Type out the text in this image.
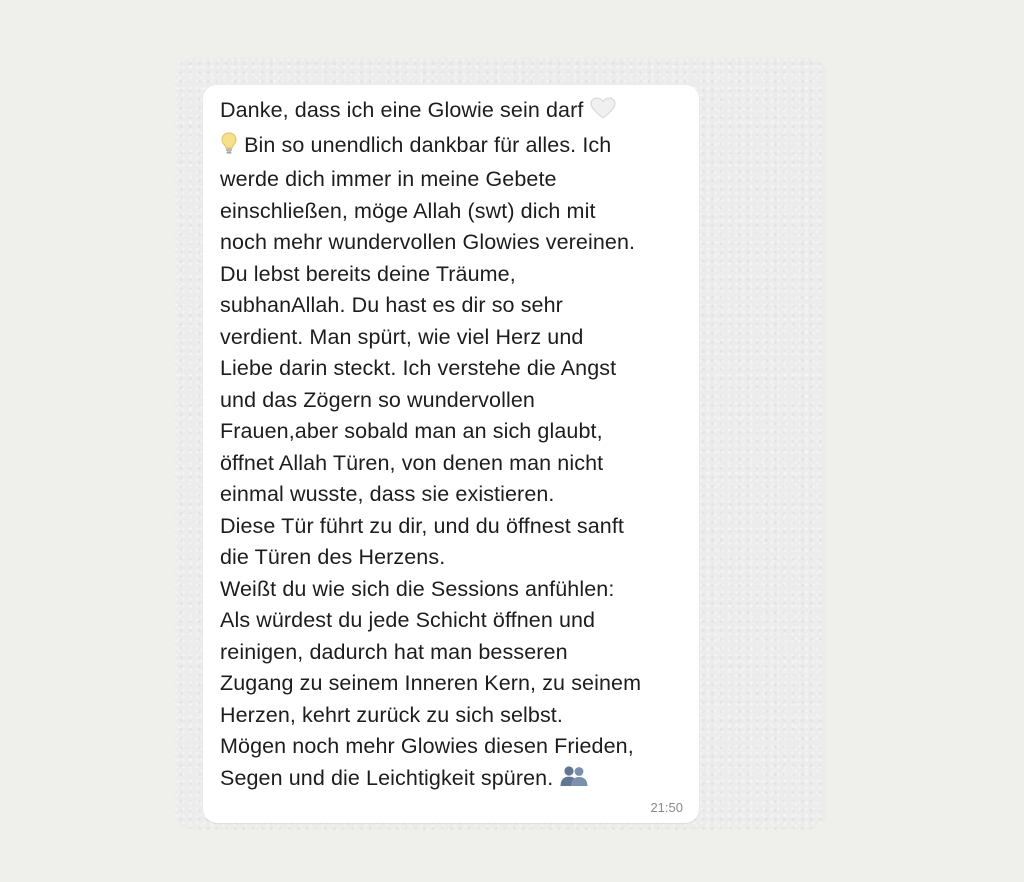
Danke, dass ich eine Glowie sein darf
Bin so unendlich dankbar für alles. Ich
werde dich immer in meine Gebete
einschließen, möge Allah (swt) dich mit
noch mehr wundervollen Glowies vereinen.
Du lebst bereits deine Träume,
subhanAllah. Du hast es dir so sehr
verdient. Man spürt, wie viel Herz und
Liebe darin steckt. Ich verstehe die Angst
und das Zögern so wundervollen
Frauen,aber sobald man an sich glaubt,
öffnet Allah Türen, von denen man nicht
einmal wusste, dass sie existieren.
Diese Tür führt zu dir, und du öffnest sanft
die Türen des Herzens.
Weißt du wie sich die Sessions anfühlen:
Als würdest du jede Schicht öffnen und
reinigen, dadurch hat man besseren
Zugang zu seinem Inneren Kern, zu seinem
Herzen, kehrt zurück zu sich selbst.
Mögen noch mehr Glowies diesen Frieden,
Segen und die Leichtigkeit spüren.

21:50
